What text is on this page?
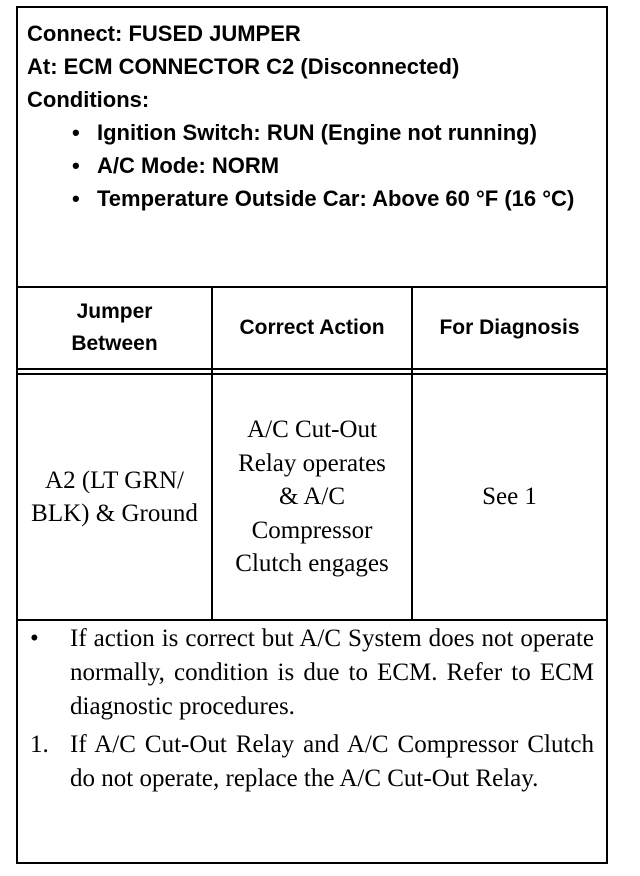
Connect: FUSED JUMPER
At: ECM CONNECTOR C2 (Disconnected)
Conditions:
• Ignition Switch: RUN (Engine not running)
• A/C Mode: NORM
• Temperature Outside Car: Above 60 °F (16 °C)
Jumper Between
Correct Action	For Diagnosis
A2 (LT GRN/ BLK) & Ground
A/C Cut-Out Relay operates & A/C Compressor Clutch engages
See 1
• If action is correct but A/C System does not operate normally, condition is due to ECM. Refer to ECM diagnostic procedures.
1. If A/C Cut-Out Relay and A/C Compressor Clutch do not operate, replace the A/C Cut-Out Relay.
